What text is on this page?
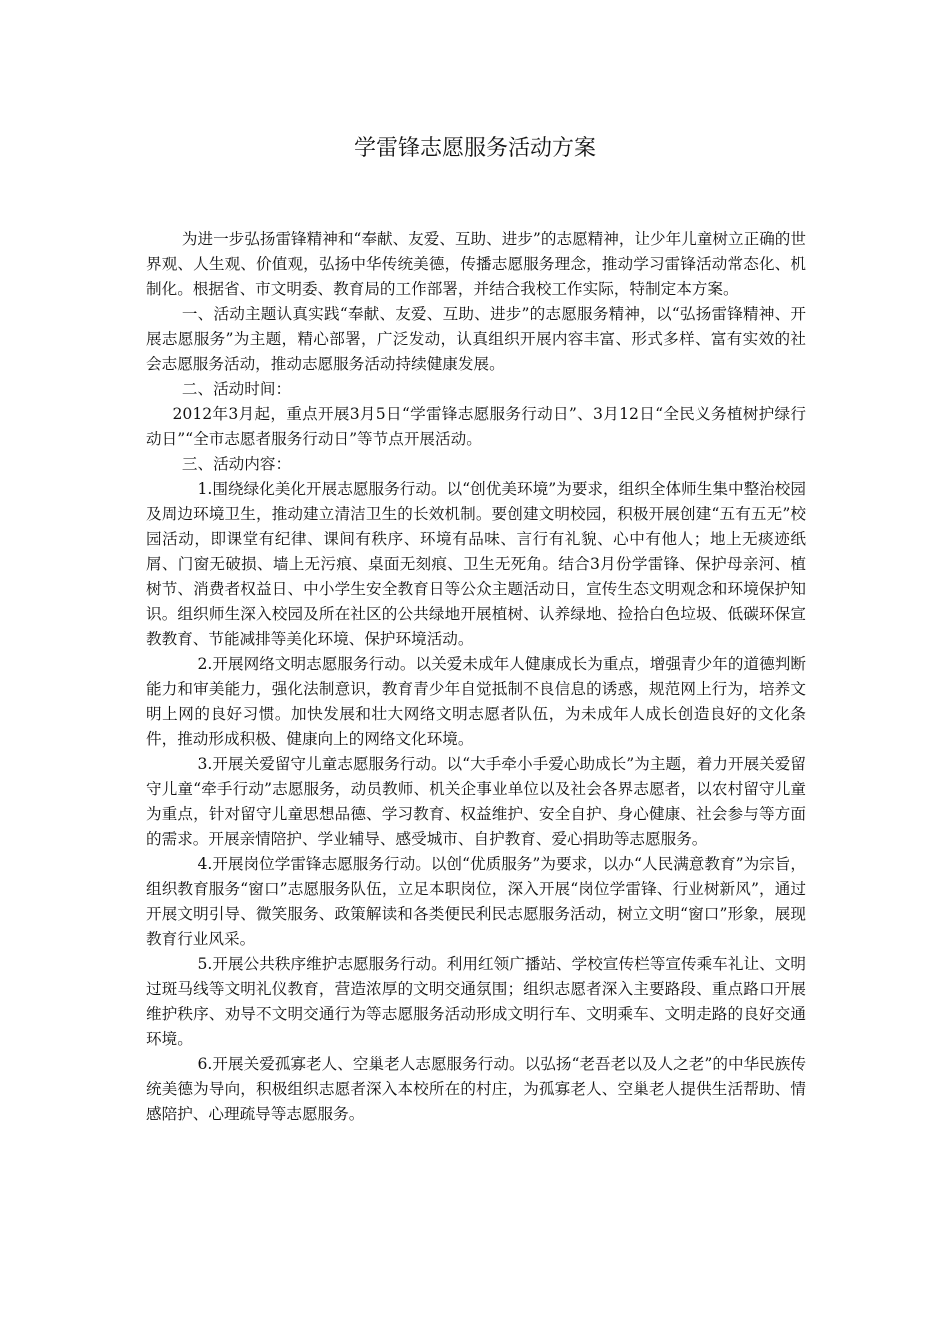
学雷锋志愿服务活动方案

为进一步弘扬雷锋精神和“奉献、友爱、互助、进步”的志愿精神，让少年儿童树立正确的世界观、人生观、价值观，弘扬中华传统美德，传播志愿服务理念，推动学习雷锋活动常态化、机制化。根据省、市文明委、教育局的工作部署，并结合我校工作实际，特制定本方案。

一、活动主题认真实践“奉献、友爱、互助、进步”的志愿服务精神，以“弘扬雷锋精神、开展志愿服务”为主题，精心部署，广泛发动，认真组织开展内容丰富、形式多样、富有实效的社会志愿服务活动，推动志愿服务活动持续健康发展。

二、活动时间：

2012年3月起，重点开展3月5日“学雷锋志愿服务行动日”、3月12日“全民义务植树护绿行动日”“全市志愿者服务行动日”等节点开展活动。

三、活动内容：

1.围绕绿化美化开展志愿服务行动。以“创优美环境”为要求，组织全体师生集中整治校园及周边环境卫生，推动建立清洁卫生的长效机制。要创建文明校园，积极开展创建“五有五无”校园活动，即课堂有纪律、课间有秩序、环境有品味、言行有礼貌、心中有他人；地上无痰迹纸屑、门窗无破损、墙上无污痕、桌面无刻痕、卫生无死角。结合3月份学雷锋、保护母亲河、植树节、消费者权益日、中小学生安全教育日等公众主题活动日，宣传生态文明观念和环境保护知识。组织师生深入校园及所在社区的公共绿地开展植树、认养绿地、捡拾白色垃圾、低碳环保宣教教育、节能减排等美化环境、保护环境活动。

2.开展网络文明志愿服务行动。以关爱未成年人健康成长为重点，增强青少年的道德判断能力和审美能力，强化法制意识，教育青少年自觉抵制不良信息的诱惑，规范网上行为，培养文明上网的良好习惯。加快发展和壮大网络文明志愿者队伍，为未成年人成长创造良好的文化条件，推动形成积极、健康向上的网络文化环境。

3.开展关爱留守儿童志愿服务行动。以“大手牵小手爱心助成长”为主题，着力开展关爱留守儿童“牵手行动”志愿服务，动员教师、机关企事业单位以及社会各界志愿者，以农村留守儿童为重点，针对留守儿童思想品德、学习教育、权益维护、安全自护、身心健康、社会参与等方面的需求。开展亲情陪护、学业辅导、感受城市、自护教育、爱心捐助等志愿服务。

4.开展岗位学雷锋志愿服务行动。以创“优质服务”为要求，以办“人民满意教育”为宗旨，组织教育服务“窗口”志愿服务队伍，立足本职岗位，深入开展“岗位学雷锋、行业树新风”，通过开展文明引导、微笑服务、政策解读和各类便民利民志愿服务活动，树立文明“窗口”形象，展现教育行业风采。

5.开展公共秩序维护志愿服务行动。利用红领广播站、学校宣传栏等宣传乘车礼让、文明过斑马线等文明礼仪教育，营造浓厚的文明交通氛围；组织志愿者深入主要路段、重点路口开展维护秩序、劝导不文明交通行为等志愿服务活动形成文明行车、文明乘车、文明走路的良好交通环境。

6.开展关爱孤寡老人、空巢老人志愿服务行动。以弘扬“老吾老以及人之老”的中华民族传统美德为导向，积极组织志愿者深入本校所在的村庄，为孤寡老人、空巢老人提供生活帮助、情感陪护、心理疏导等志愿服务。
